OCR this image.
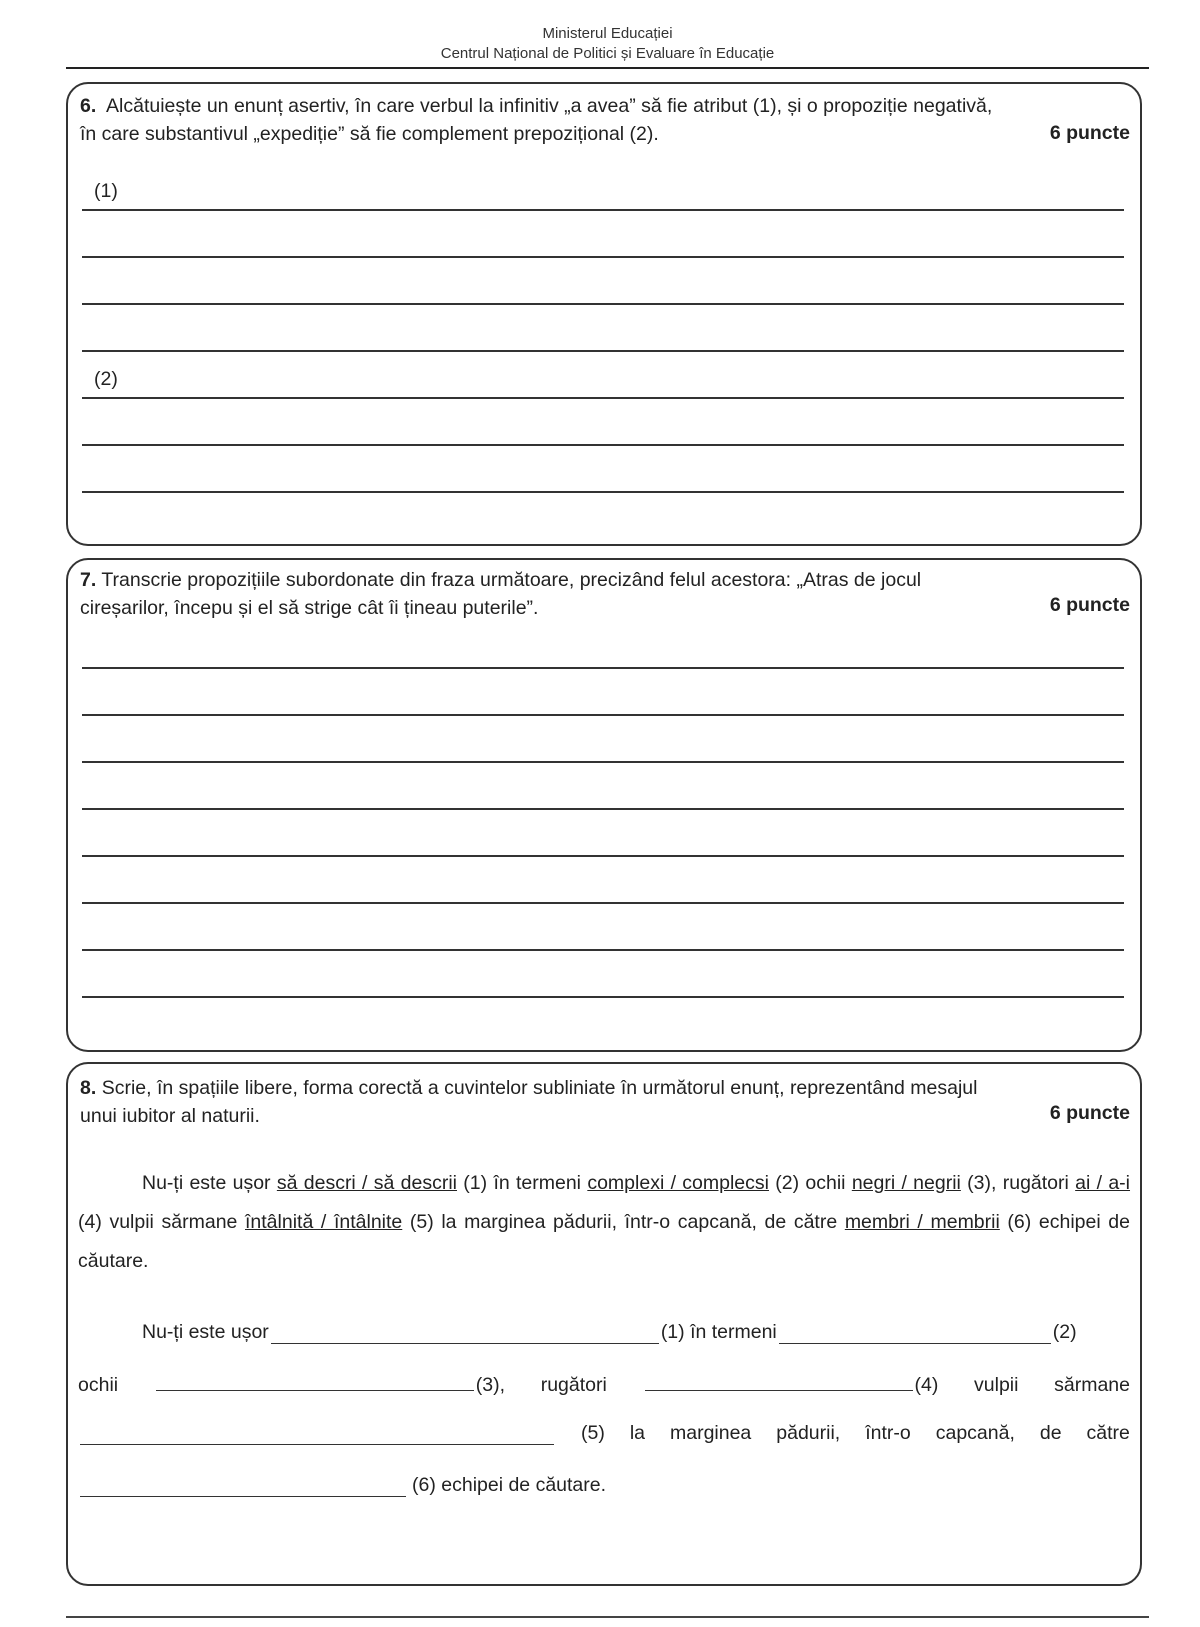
Ministerul Educației
Centrul Național de Politici și Evaluare în Educație
6. Alcătuiește un enunț asertiv, în care verbul la infinitiv „a avea” să fie atribut (1), și o propoziție negativă,
în care substantivul „expediție” să fie complement prepozițional (2).	6 puncte
(1)
(2)
7. Transcrie propozițiile subordonate din fraza următoare, precizând felul acestora: „Atras de jocul
cireșarilor, începu și el să strige cât îi țineau puterile”.	6 puncte
8. Scrie, în spațiile libere, forma corectă a cuvintelor subliniate în următorul enunț, reprezentând mesajul
unui iubitor al naturii.	6 puncte
Nu-ți este ușor să descri / să descrii (1) în termeni complexi / complecsi (2) ochii negri / negrii (3), rugători ai / a-i (4) vulpii sărmane întâlnită / întâlnite (5) la marginea pădurii, într-o capcană, de către membri / membrii (6) echipei de căutare.
Nu-ți este ușor	(1) în termeni	(2)
ochii	(3), rugători	(4) vulpii sărmane
(5) la marginea pădurii, într-o capcană, de către
(6) echipei de căutare.
